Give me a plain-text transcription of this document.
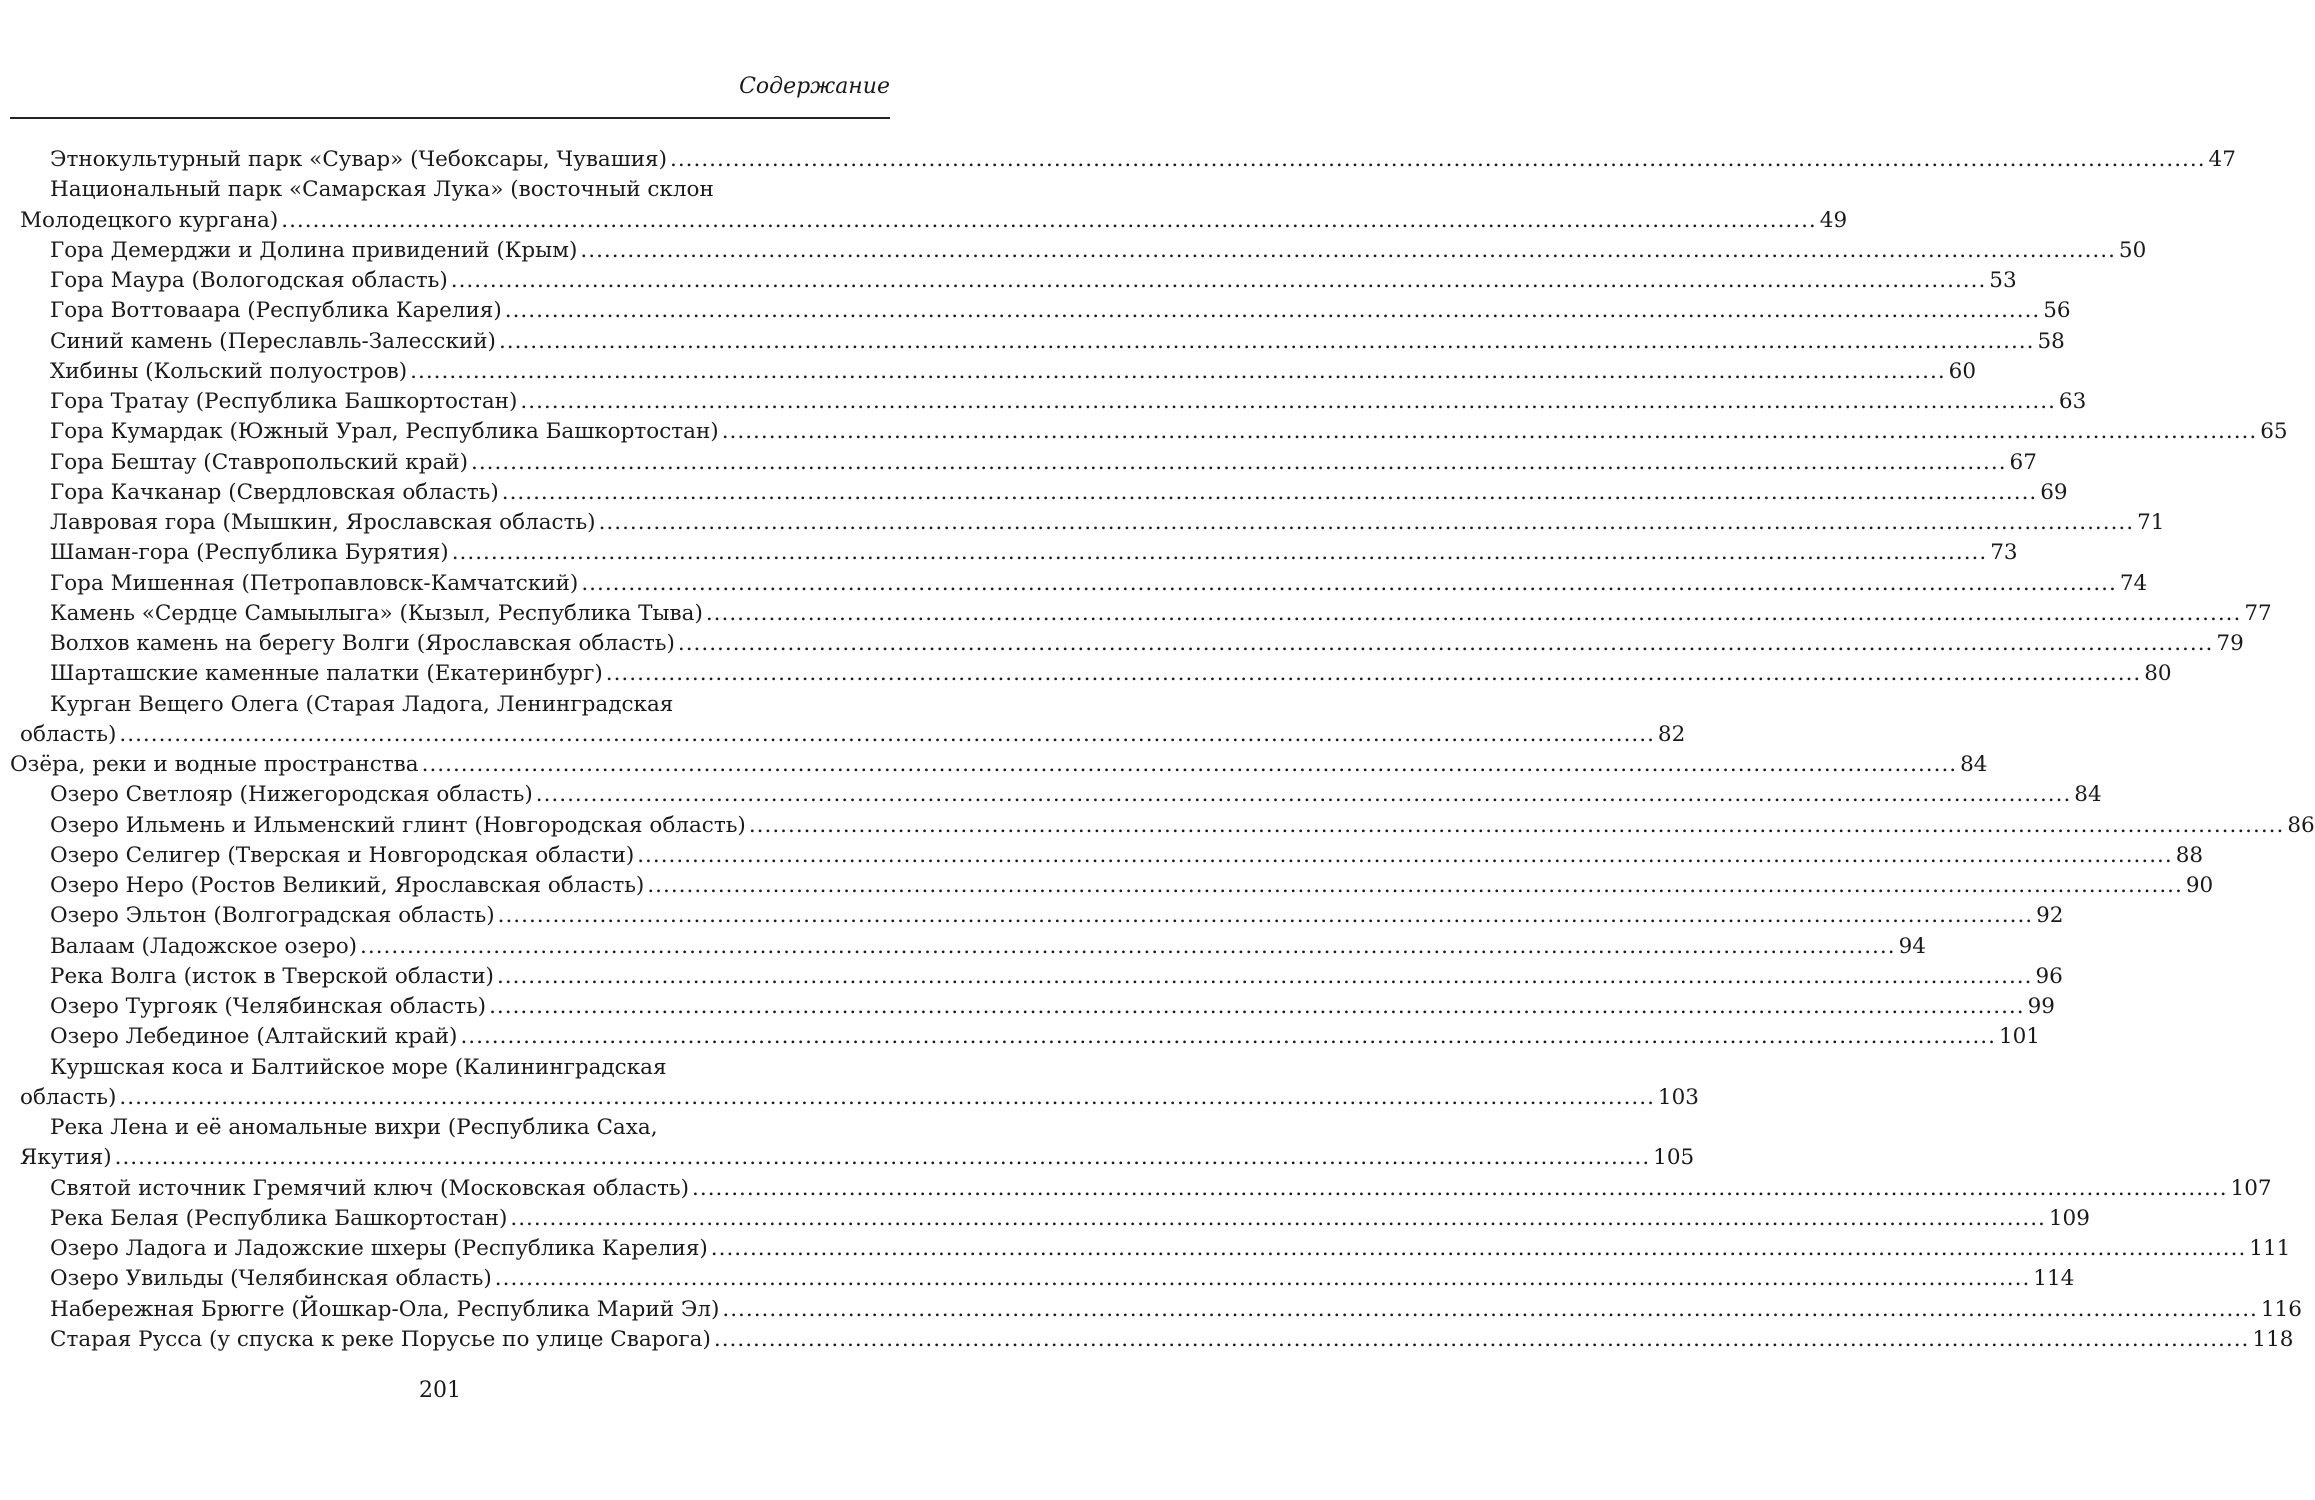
Содержание
Этнокультурный парк «Сувар» (Чебоксары, Чувашия) .....	47
Национальный парк «Самарская Лука» (восточный склон
Молодецкого кургана) .....	49
Гора Демерджи и Долина привидений (Крым) .....	50
Гора Маура (Вологодская область) .....	53
Гора Воттоваара (Республика Карелия) .....	56
Синий камень (Переславль-Залесский) .....	58
Хибины (Кольский полуостров) .....	60
Гора Тратау (Республика Башкортостан) .....	63
Гора Кумардак (Южный Урал, Республика Башкортостан) .....	65
Гора Бештау (Ставропольский край) .....	67
Гора Качканар (Свердловская область) .....	69
Лавровая гора (Мышкин, Ярославская область) .....	71
Шаман-гора (Республика Бурятия) .....	73
Гора Мишенная (Петропавловск-Камчатский) .....	74
Камень «Сердце Самыылыга» (Кызыл, Республика Тыва) .....	77
Волхов камень на берегу Волги (Ярославская область) .....	79
Шарташские каменные палатки (Екатеринбург) .....	80
Курган Вещего Олега (Старая Ладога, Ленинградская
область) .....	82
Озёра, реки и водные пространства .....	84
Озеро Светлояр (Нижегородская область) .....	84
Озеро Ильмень и Ильменский глинт (Новгородская область) .....	86
Озеро Селигер (Тверская и Новгородская области) .....	88
Озеро Неро (Ростов Великий, Ярославская область) .....	90
Озеро Эльтон (Волгоградская область) .....	92
Валаам (Ладожское озеро) .....	94
Река Волга (исток в Тверской области) .....	96
Озеро Тургояк (Челябинская область) .....	99
Озеро Лебединое (Алтайский край) .....	101
Куршская коса и Балтийское море (Калининградская
область) .....	103
Река Лена и её аномальные вихри (Республика Саха,
Якутия) .....	105
Святой источник Гремячий ключ (Московская область) .....	107
Река Белая (Республика Башкортостан) .....	109
Озеро Ладога и Ладожские шхеры (Республика Карелия) .....	111
Озеро Увильды (Челябинская область) .....	114
Набережная Брюгге (Йошкар-Ола, Республика Марий Эл) .....	116
Старая Русса (у спуска к реке Порусье по улице Сварога) .....	118
201
